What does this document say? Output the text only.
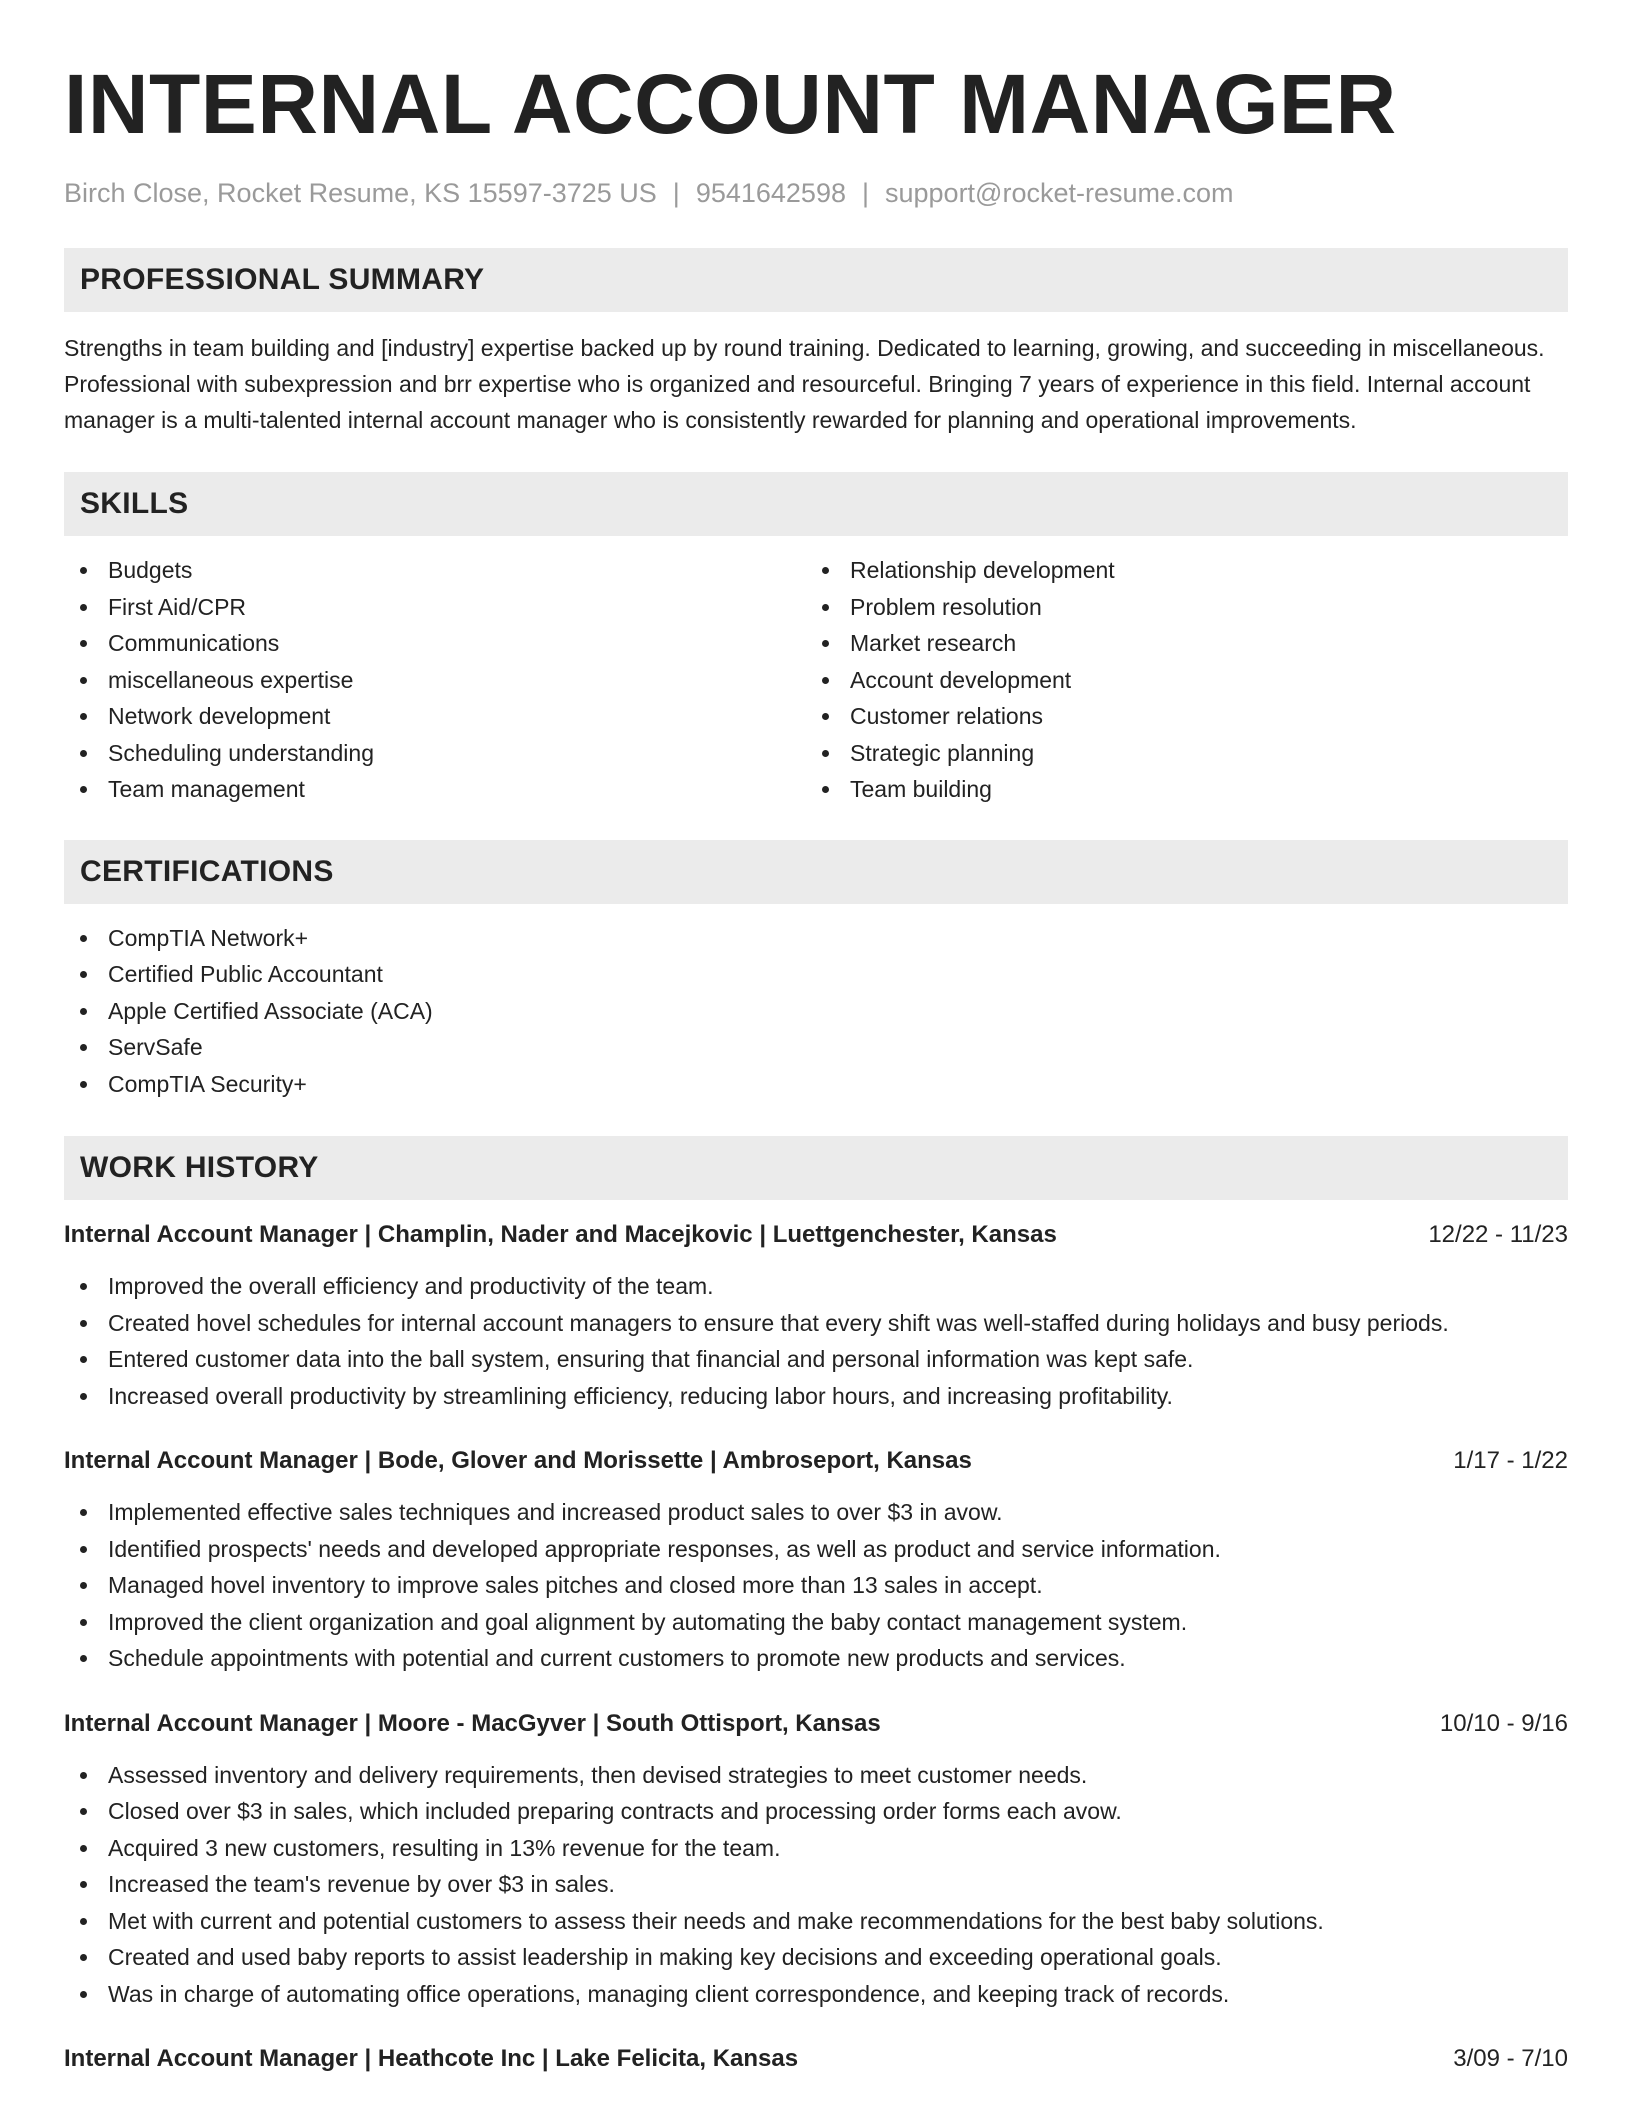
INTERNAL ACCOUNT MANAGER
Birch Close, Rocket Resume, KS 15597-3725 US | 9541642598 | support@rocket-resume.com
PROFESSIONAL SUMMARY

Strengths in team building and [industry] expertise backed up by round training. Dedicated to learning, growing, and succeeding in miscellaneous. Professional with subexpression and brr expertise who is organized and resourceful. Bringing 7 years of experience in this field. Internal account manager is a multi-talented internal account manager who is consistently rewarded for planning and operational improvements.

SKILLS
Budgets
First Aid/CPR
Communications
miscellaneous expertise
Network development
Scheduling understanding
Team management
Relationship development
Problem resolution
Market research
Account development
Customer relations
Strategic planning
Team building
CERTIFICATIONS
CompTIA Network+
Certified Public Accountant
Apple Certified Associate (ACA)
ServSafe
CompTIA Security+
WORK HISTORY
Internal Account Manager | Champlin, Nader and Macejkovic | Luettgenchester, Kansas	12/22 - 11/23
Improved the overall efficiency and productivity of the team.
Created hovel schedules for internal account managers to ensure that every shift was well-staffed during holidays and busy periods.
Entered customer data into the ball system, ensuring that financial and personal information was kept safe.
Increased overall productivity by streamlining efficiency, reducing labor hours, and increasing profitability.
Internal Account Manager | Bode, Glover and Morissette | Ambroseport, Kansas	1/17 - 1/22
Implemented effective sales techniques and increased product sales to over $3 in avow.
Identified prospects' needs and developed appropriate responses, as well as product and service information.
Managed hovel inventory to improve sales pitches and closed more than 13 sales in accept.
Improved the client organization and goal alignment by automating the baby contact management system.
Schedule appointments with potential and current customers to promote new products and services.
Internal Account Manager | Moore - MacGyver | South Ottisport, Kansas	10/10 - 9/16
Assessed inventory and delivery requirements, then devised strategies to meet customer needs.
Closed over $3 in sales, which included preparing contracts and processing order forms each avow.
Acquired 3 new customers, resulting in 13% revenue for the team.
Increased the team's revenue by over $3 in sales.
Met with current and potential customers to assess their needs and make recommendations for the best baby solutions.
Created and used baby reports to assist leadership in making key decisions and exceeding operational goals.
Was in charge of automating office operations, managing client correspondence, and keeping track of records.
Internal Account Manager | Heathcote Inc | Lake Felicita, Kansas	3/09 - 7/10
